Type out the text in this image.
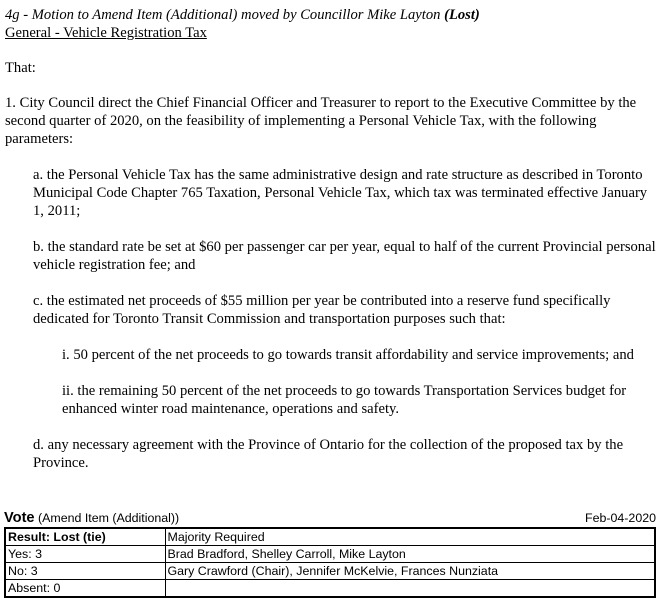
4g - Motion to Amend Item (Additional) moved by Councillor Mike Layton (Lost)

General - Vehicle Registration Tax

That:

1. City Council direct the Chief Financial Officer and Treasurer to report to the Executive Committee by the second quarter of 2020, on the feasibility of implementing a Personal Vehicle Tax, with the following parameters:

a. the Personal Vehicle Tax has the same administrative design and rate structure as described in Toronto Municipal Code Chapter 765 Taxation, Personal Vehicle Tax, which tax was terminated effective January 1, 2011;

b. the standard rate be set at $60 per passenger car per year, equal to half of the current Provincial personal vehicle registration fee; and

c. the estimated net proceeds of $55 million per year be contributed into a reserve fund specifically dedicated for Toronto Transit Commission and transportation purposes such that:

i. 50 percent of the net proceeds to go towards transit affordability and service improvements; and

ii. the remaining 50 percent of the net proceeds to go towards Transportation Services budget for enhanced winter road maintenance, operations and safety.

d. any necessary agreement with the Province of Ontario for the collection of the proposed tax by the Province.

Vote (Amend Item (Additional))	Feb-04-2020
Result: Lost (tie)	Majority Required
Yes: 3	Brad Bradford, Shelley Carroll, Mike Layton
No: 3	Gary Crawford (Chair), Jennifer McKelvie, Frances Nunziata
Absent: 0	
